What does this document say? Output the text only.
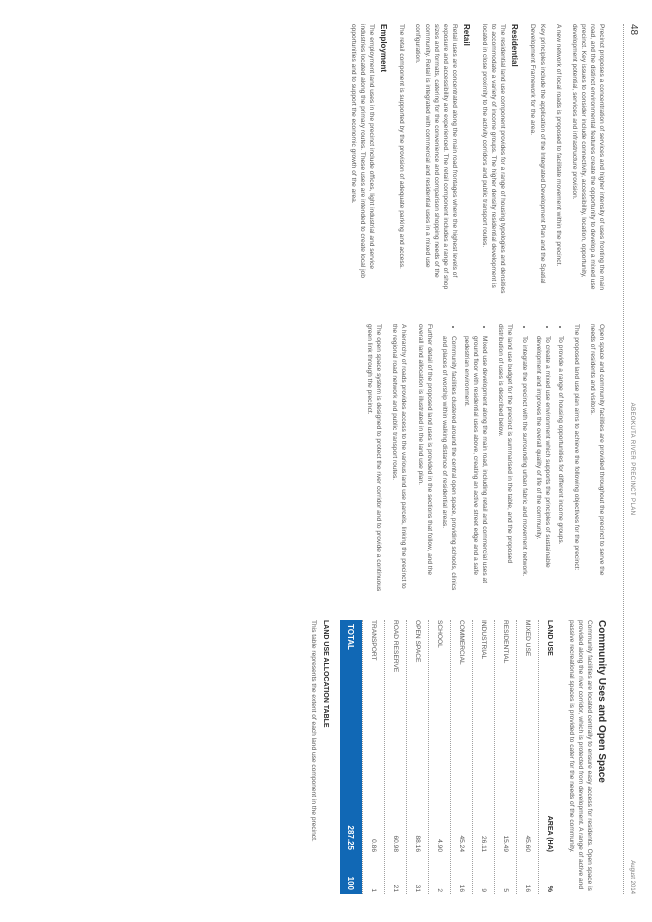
48
ABEOKUTA RIVER PRECINCT PLAN
August 2014

Precinct proposes a concentration of services and higher intensity of uses fronting the main road, and the distinct environmental features create the opportunity to develop a mixed use precinct. Key issues to consider include connectivity, accessibility, location, opportunity, development potential, services and infrastructure provision.

A new network of local roads is proposed to facilitate movement within the precinct.

Key principles include the application of the Integrated Development Plan and the Spatial Development Framework for the area.

Residential

The residential land use component provides for a range of housing typologies and densities to accommodate a variety of income groups. The higher density residential development is located in close proximity to the activity corridors and public transport routes.

Retail

Retail uses are concentrated along the main road frontages where the highest levels of exposure and accessibility are experienced. The retail component includes a range of shop sizes and formats, catering for the convenience and comparison shopping needs of the community. Retail is integrated with commercial and residential uses in a mixed use configuration.

The retail component is supported by the provision of adequate parking and access.

Employment

The employment land uses in the precinct include offices, light industrial and service industries located along the primary routes. These uses are intended to create local job opportunities and to support the economic growth of the area.

Open space and community facilities are provided throughout the precinct to serve the needs of residents and visitors.

The proposed land use plan aims to achieve the following objectives for the precinct:

• To provide a range of housing opportunities for different income groups.
• To create a mixed use environment which supports the principles of sustainable development and improves the overall quality of life of the community.
• To integrate the precinct with the surrounding urban fabric and movement network.

The land use budget for the precinct is summarised in the table, and the proposed distribution of uses is described below.

• Mixed use development along the main road, including retail and commercial uses at ground floor with residential uses above, creating an active street edge and a safe pedestrian environment.
• Community facilities clustered around the central open space, providing schools, clinics and places of worship within walking distance of residential areas.

Further detail of the proposed land uses is provided in the sections that follow, and the overall land allocation is illustrated in the land use plan.

A hierarchy of roads provides access to the various land use parcels, linking the precinct to the regional road network and public transport routes.

The open space system is designed to protect the river corridor and to provide a continuous green link through the precinct.

Community Uses and Open Space

Community facilities are located centrally to ensure easy access for residents. Open space is provided along the river corridor, which is protected from development. A range of active and passive recreational spaces is provided to cater for the needs of the community.

LAND USE
AREA (HA)
%
MIXED USE
45.60
16
RESIDENTIAL
15.49
5
INDUSTRIAL
26.11
9
COMMERCIAL
45.24
16
SCHOOL
4.90
2
OPEN SPACE
88.16
31
ROAD RESERVE
60.98
21
TRANSPORT
0.86
1
TOTAL
287.25
100
LAND USE ALLOCATION TABLE

This table represents the extent of each land use component in the precinct.
